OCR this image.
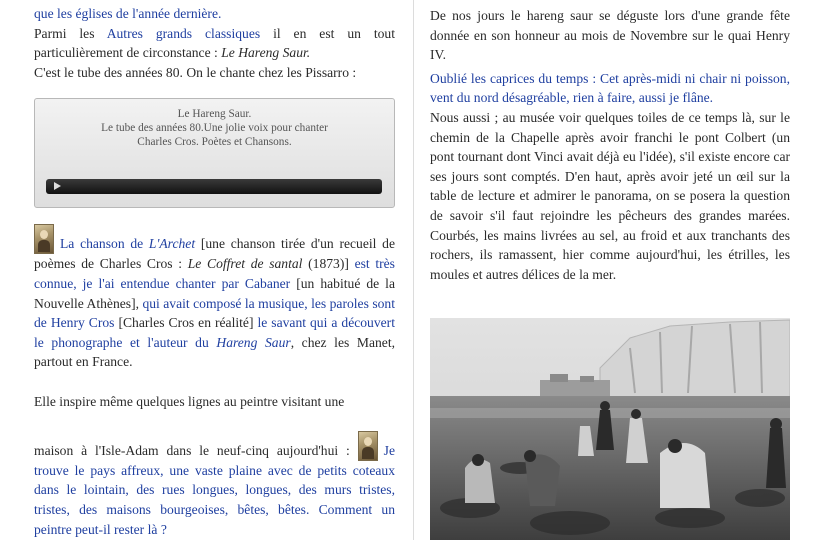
que les églises de l'année dernière.

Parmi les Autres grands classiques il en est un tout particulièrement de circonstance : Le Hareng Saur.

C'est le tube des années 80. On le chante chez les Pissarro :

Le Hareng Saur.
Le tube des années 80.Une jolie voix pour chanter
Charles Cros. Poètes et Chansons.

La chanson de L'Archet [une chanson tirée d'un recueil de poèmes de Charles Cros : Le Coffret de santal (1873)] est très connue, je l'ai entendue chanter par Cabaner [un habitué de la Nouvelle Athènes], qui avait composé la musique, les paroles sont de Henry Cros [Charles Cros en réalité] le savant qui a découvert le phonographe et l'auteur du Hareng Saur, chez les Manet, partout en France.

Elle inspire même quelques lignes au peintre visitant une

maison à l'Isle-Adam dans le neuf-cinq aujourd'hui : Je trouve le pays affreux, une vaste plaine avec de petits coteaux dans le lointain, des rues longues, longues, des murs tristes, tristes, des maisons bourgeoises, bêtes, bêtes. Comment un peintre peut-il rester là ?

De nos jours le hareng saur se déguste lors d'une grande fête donnée en son honneur au mois de Novembre sur le quai Henry IV.

Oublié les caprices du temps : Cet après-midi ni chair ni poisson, vent du nord désagréable, rien à faire, aussi je flâne.

Nous aussi ; au musée voir quelques toiles de ce temps là, sur le chemin de la Chapelle après avoir franchi le pont Colbert (un pont tournant dont Vinci avait déjà eu l'idée), s'il existe encore car ses jours sont comptés. D'en haut, après avoir jeté un œil sur la table de lecture et admirer le panorama, on se posera la question de savoir s'il faut rejoindre les pêcheurs des grandes marées. Courbés, les mains livrées au sel, au froid et aux tranchants des rochers, ils ramassent, hier comme aujourd'hui, les étrilles, les moules et autres délices de la mer.
